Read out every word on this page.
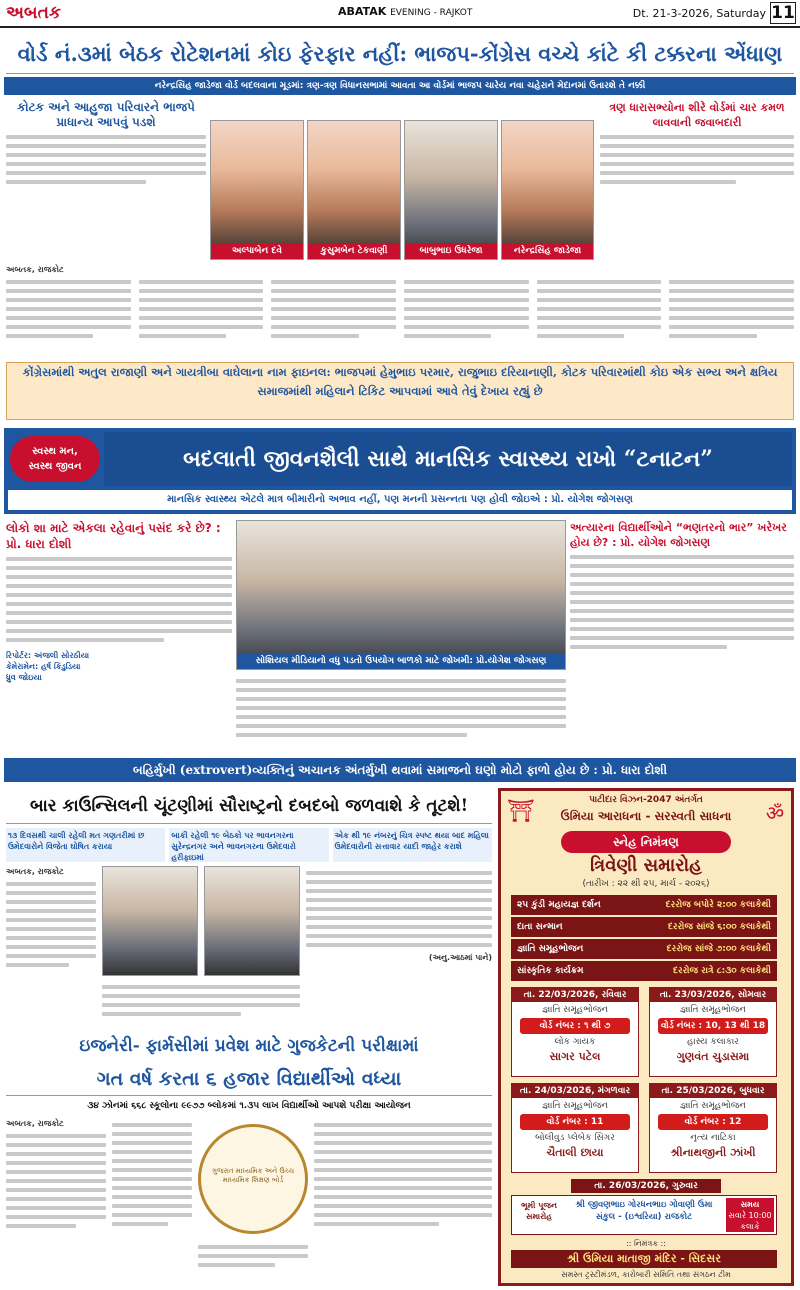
અબતક	ABATAK EVENING - RAJKOT	Dt. 21-3-2026, Saturday 11
વોર્ડ નં.૩માં બેઠક રોટેશનમાં કોઇ ફેરફાર નહીં: ભાજપ-કોંગ્રેસ વચ્ચે કાંટે કી ટક્કરના એંધાણ
નરેન્દ્રસિંહ જાડેજા વોર્ડ બદલવાના મૂડમાં: ત્રણ-ત્રણ વિધાનસભામાં આવતા આ વોર્ડમાં ભાજપ ચારેય નવા ચહેરાને મેદાનમાં ઉતારશે તે નક્કી
કોટક અને આહુજા પરિવારને ભાજપે પ્રાધાન્ય આપવું પડશે
અલ્પાબેન દવે	કુસુમબેન ટેકવાણી	બાબુભાઇ ઉધરેજા	નરેન્દ્રસિંહ જાડેજા
ત્રણ ધારાસભ્યોના શીરે વોર્ડમાં ચાર કમળ લાવવાની જવાબદારી
અબતક, રાજકોટ
કોંગ્રેસમાંથી અતુલ રાજાણી અને ગાયત્રીબા વાઘેલાના નામ ફાઇનલ: ભાજપમાં હેમુભાઇ પરમાર, રાજુભાઇ દરિયાનાણી, કોટક પરિવારમાંથી કોઇ એક સભ્ય અને ક્ષત્રિય સમાજમાંથી મહિલાને ટિકિટ આપવામાં આવે તેવું દેખાય રહ્યું છે
સ્વસ્થ મન,
સ્વસ્થ જીવન	બદલાતી જીવનશૈલી સાથે માનસિક સ્વાસ્થ્ય રાખો “ટનાટન”
માનસિક સ્વાસ્થ્ય એટલે માત્ર બીમારીનો અભાવ નહીં, પણ મનની પ્રસન્નતા પણ હોવી જોઇએ : પ્રો. યોગેશ જોગસણ
લોકો શા માટે એકલા રહેવાનું પસંદ કરે છે? : પ્રો. ધારા દોશી
રિપોર્ટર: અંજલી સોરઠીયા
કેમેરામેન: હર્ષ કિંડુડિયા
ધ્રુવ જોઇયા
સોશિયલ મીડિયાનો વધુ પડતો ઉપયોગ બાળકો માટે જોખમી: પ્રો.યોગેશ જોગસણ
અત્યારના વિદ્યાર્થીઓને “ભણતરનો ભાર” ખરેખર હોય છે? : પ્રો. યોગેશ જોગસણ
બહિર્મુખી (extrovert)વ્યક્તિનું અચાનક અંતર્મુખી થવામાં સમાજનો ઘણો મોટો ફાળો હોય છે : પ્રો. ધારા દોશી
બાર કાઉન્સિલની ચૂંટણીમાં સૌરાષ્ટ્રનો દબદબો જળવાશે કે તૂટશે!
૧૩ દિવસથી ચાલી રહેલી મત ગણતરીમાં છ ઉમેદવારોને વિજેતા ઘોષિત કરાયા
બાકી રહેલી ૧૯ બેઠકો પર ભાવનગરના સુરેન્દ્રનગર અને ભાવનગરના ઉમેદવારો હરીફાઇમાં
એક થી ૧૯ નંબરનું ચિત્ર સ્પષ્ટ થયા બાદ મહિલા ઉમેદવારોની સત્તાવાર યાદી જાહેર કરાશે
અબતક, રાજકોટ
(અનુ.આઠમાં પાને)
ઇજનેરી- ફાર્મસીમાં પ્રવેશ માટે ગુજકેટની પરીક્ષામાં
ગત વર્ષ કરતા ૬ હજાર વિદ્યાર્થીઓ વધ્યા
૩૪ ઝોનમાં ૬૬૮ સ્કૂલોના ૯૯૭૭ બ્લોકમાં ૧.૩૫ લાખ વિદ્યાર્થીઓ આપશે પરીક્ષા આયોજન
અબતક, રાજકોટ
ગુજરાત માધ્યમિક અને ઉચ્ચ માધ્યમિક શિક્ષણ બોર્ડ
પાટીદાર વિઝન-2047 અંતર્ગત
ઉમિયા આરાધના - સરસ્વતી સાધના
⛩	ॐ
સ્નેહ નિમંત્રણ
ત્રિવેણી સમારોહ
(તારીખ : ૨૨ થી ૨૫, માર્ચ - ૨૦૨૬)
૨૫ કુંડી મહાયજ્ઞ દર્શન	દરરોજ બપોરે ૨:૦૦ કલાકેથી
દાતા સન્માન	દરરોજ સાંજે ૬:૦૦ કલાકેથી
જ્ઞાતિ સમૂહભોજન	દરરોજ સાંજે ૭:૦૦ કલાકેથી
સાંસ્કૃતિક કાર્યક્રમ	દરરોજ રાત્રે ૮:૩૦ કલાકેથી
તા. 22/03/2026, રવિવાર
જ્ઞાતિ સમૂહભોજન
વોર્ડ નંબર : ૧ થી ૭
લોક ગાયક
સાગર પટેલ
તા. 23/03/2026, સોમવાર
જ્ઞાતિ સમૂહભોજન
વોર્ડ નંબર : 10, 13 થી 18
હાસ્ય કલાકાર
ગુણવંત ચુડાસમા
તા. 24/03/2026, મંગળવાર
જ્ઞાતિ સમૂહભોજન
વોર્ડ નંબર : 11
બોલીવુડ પ્લેબેક સિંગર
ચૈતાલી છાયા
તા. 25/03/2026, બુધવાર
જ્ઞાતિ સમૂહભોજન
વોર્ડ નંબર : 12
નૃત્ય નાટિકા
શ્રીનાથજીની ઝાંખી
તા. 26/03/2026, ગુરુવાર
ભૂમી પૂજન સમારોહ
શ્રી જીવણભાઇ ગોરધનભાઇ ગોવાણી ઉમા સંકુલ - (ઇશ્વરિયા) રાજકોટ
સમય
સવારે 10:00 કલાકે
:: નિમંત્રક ::
શ્રી ઉમિયા માતાજી મંદિર - સિદસર
સમસ્ત ટ્રસ્ટીમંડળ, કારોબારી સમિતિ તથા સંગઠન ટીમ
